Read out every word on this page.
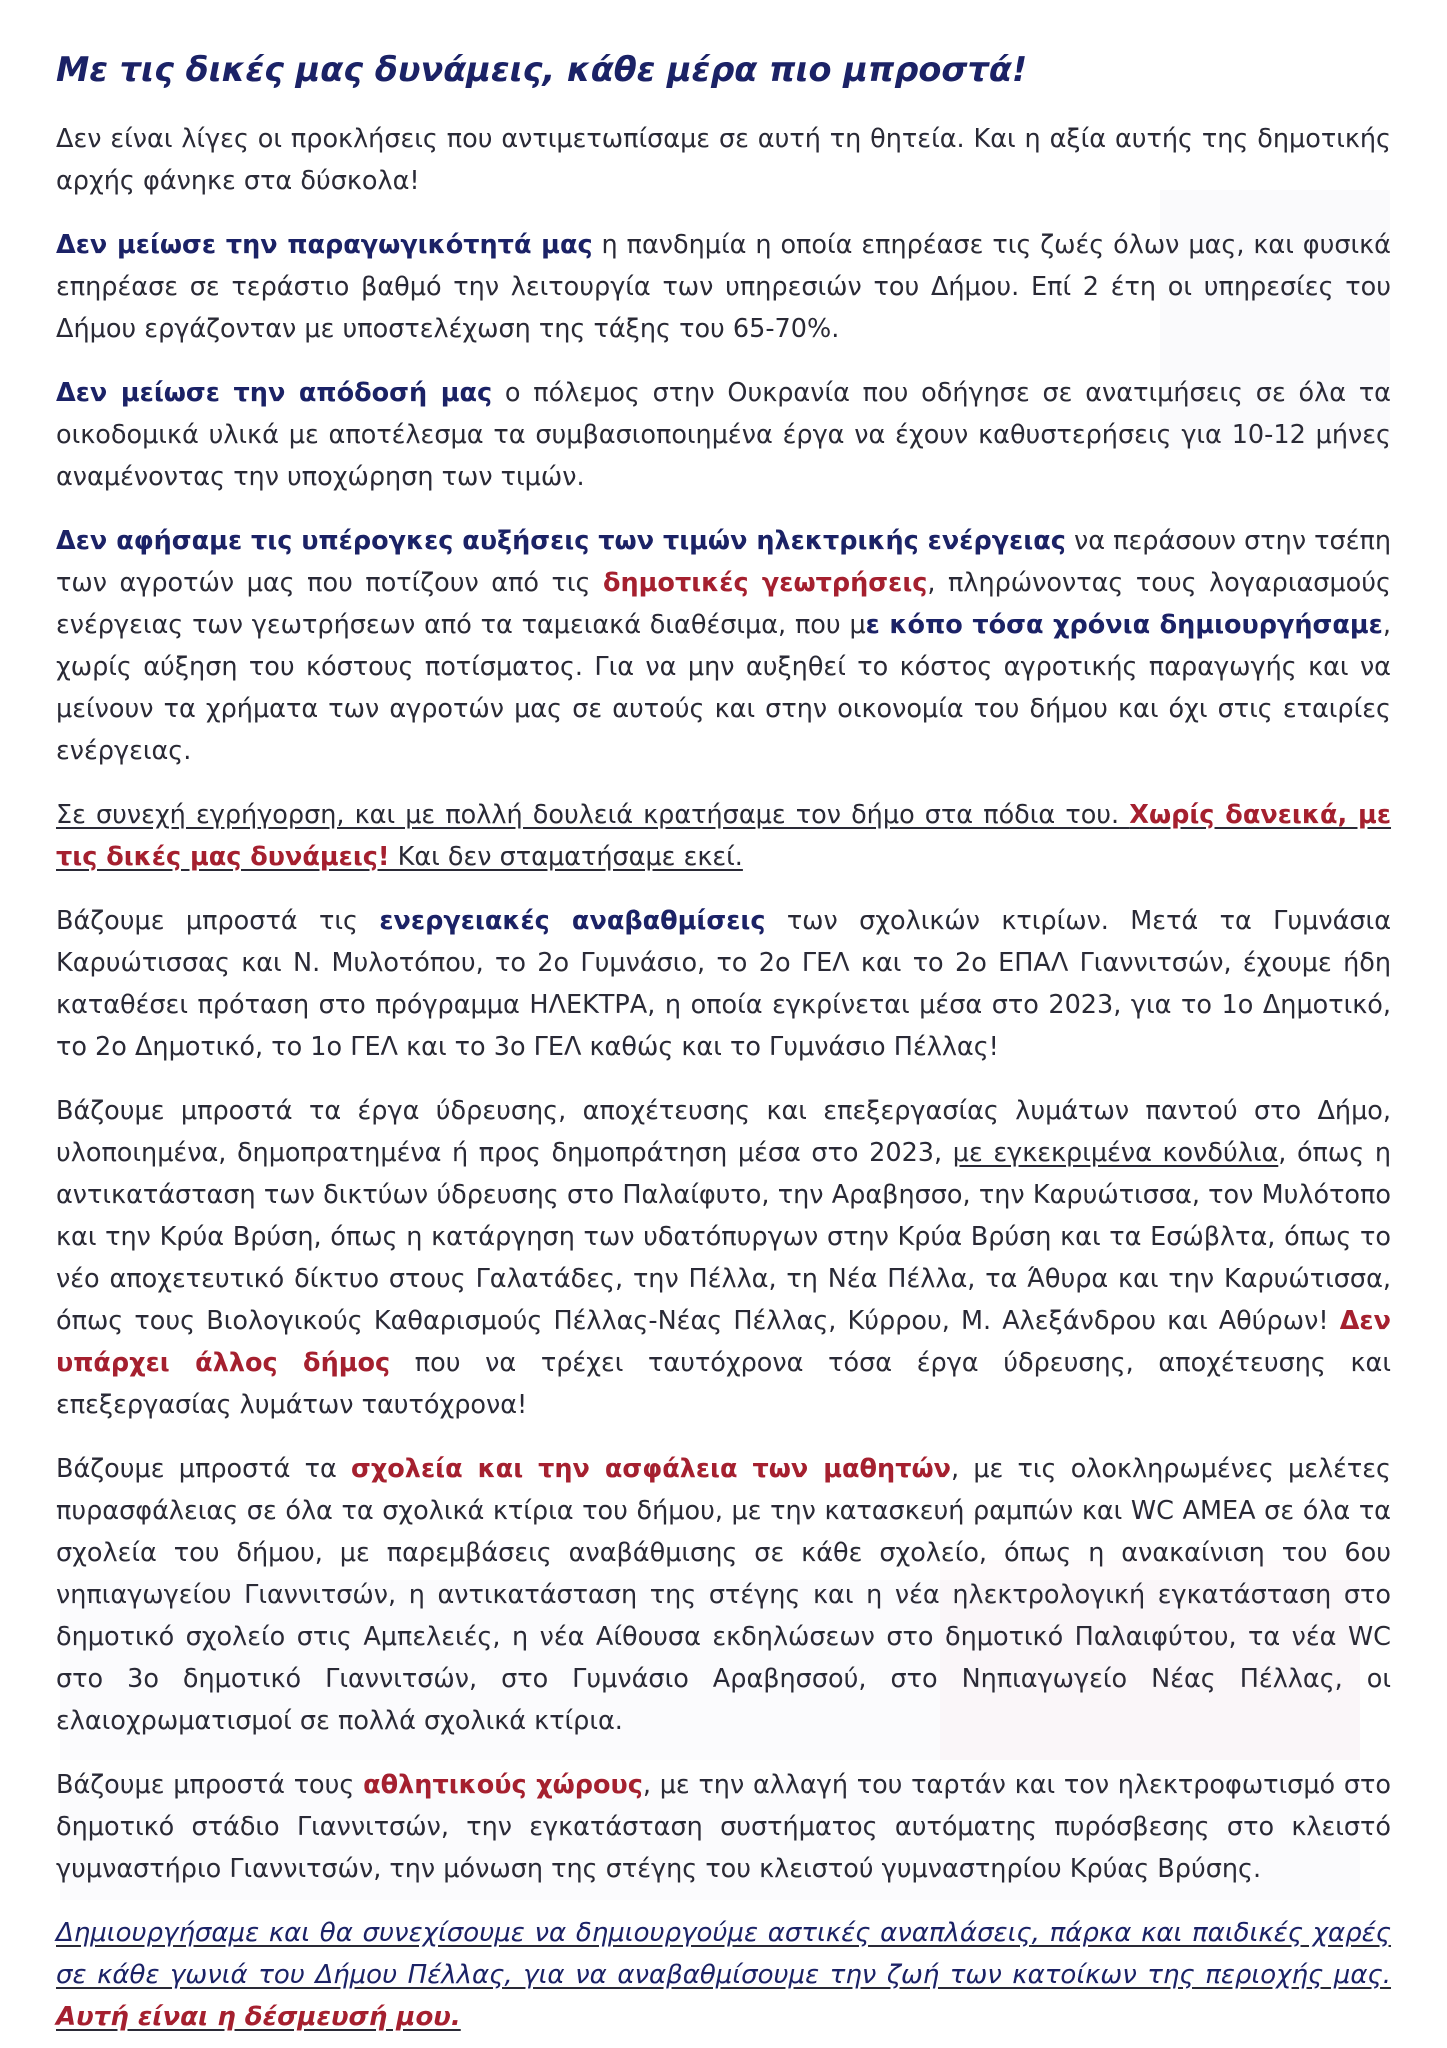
Με τις δικές μας δυνάμεις, κάθε μέρα πιο μπροστά!

Δεν είναι λίγες οι προκλήσεις που αντιμετωπίσαμε σε αυτή τη θητεία. Και η αξία αυτής της δημοτικής αρχής φάνηκε στα δύσκολα!

Δεν μείωσε την παραγωγικότητά μας η πανδημία η οποία επηρέασε τις ζωές όλων μας, και φυσικά επηρέασε σε τεράστιο βαθμό την λειτουργία των υπηρεσιών του Δήμου. Επί 2 έτη οι υπηρεσίες του Δήμου εργάζονταν με υποστελέχωση της τάξης του 65-70%.

Δεν μείωσε την απόδοσή μας ο πόλεμος στην Ουκρανία που οδήγησε σε ανατιμήσεις σε όλα τα οικοδομικά υλικά με αποτέλεσμα τα συμβασιοποιημένα έργα να έχουν καθυστερήσεις για 10-12 μήνες αναμένοντας την υποχώρηση των τιμών.

Δεν αφήσαμε τις υπέρογκες αυξήσεις των τιμών ηλεκτρικής ενέργειας να περάσουν στην τσέπη των αγροτών μας που ποτίζουν από τις δημοτικές γεωτρήσεις, πληρώνοντας τους λογαριασμούς ενέργειας των γεωτρήσεων από τα ταμειακά διαθέσιμα, που με κόπο τόσα χρόνια δημιουργήσαμε, χωρίς αύξηση του κόστους ποτίσματος. Για να μην αυξηθεί το κόστος αγροτικής παραγωγής και να μείνουν τα χρήματα των αγροτών μας σε αυτούς και στην οικονομία του δήμου και όχι στις εταιρίες ενέργειας.

Σε συνεχή εγρήγορση, και με πολλή δουλειά κρατήσαμε τον δήμο στα πόδια του. Χωρίς δανεικά, με τις δικές μας δυνάμεις! Και δεν σταματήσαμε εκεί.

Βάζουμε μπροστά τις ενεργειακές αναβαθμίσεις των σχολικών κτιρίων. Μετά τα Γυμνάσια Καρυώτισσας και Ν. Μυλοτόπου, το 2ο Γυμνάσιο, το 2ο ΓΕΛ και το 2ο ΕΠΑΛ Γιαννιτσών, έχουμε ήδη καταθέσει πρόταση στο πρόγραμμα ΗΛΕΚΤΡΑ, η οποία εγκρίνεται μέσα στο 2023, για το 1ο Δημοτικό, το 2ο Δημοτικό, το 1ο ΓΕΛ και το 3ο ΓΕΛ καθώς και το Γυμνάσιο Πέλλας!

Βάζουμε μπροστά τα έργα ύδρευσης, αποχέτευσης και επεξεργασίας λυμάτων παντού στο Δήμο, υλοποιημένα, δημοπρατημένα ή προς δημοπράτηση μέσα στο 2023, με εγκεκριμένα κονδύλια, όπως η αντικατάσταση των δικτύων ύδρευσης στο Παλαίφυτο, την Αραβησσο, την Καρυώτισσα, τον Μυλότοπο και την Κρύα Βρύση, όπως η κατάργηση των υδατόπυργων στην Κρύα Βρύση και τα Εσώβλτα, όπως το νέο αποχετευτικό δίκτυο στους Γαλατάδες, την Πέλλα, τη Νέα Πέλλα, τα Άθυρα και την Καρυώτισσα, όπως τους Βιολογικούς Καθαρισμούς Πέλλας-Νέας Πέλλας, Κύρρου, Μ. Αλεξάνδρου και Αθύρων! Δεν υπάρχει άλλος δήμος που να τρέχει ταυτόχρονα τόσα έργα ύδρευσης, αποχέτευσης και επεξεργασίας λυμάτων ταυτόχρονα!

Βάζουμε μπροστά τα σχολεία και την ασφάλεια των μαθητών, με τις ολοκληρωμένες μελέτες πυρασφάλειας σε όλα τα σχολικά κτίρια του δήμου, με την κατασκευή ραμπών και WC ΑΜΕΑ σε όλα τα σχολεία του δήμου, με παρεμβάσεις αναβάθμισης σε κάθε σχολείο, όπως η ανακαίνιση του 6ου νηπιαγωγείου Γιαννιτσών, η αντικατάσταση της στέγης και η νέα ηλεκτρολογική εγκατάσταση στο δημοτικό σχολείο στις Αμπελειές, η νέα Αίθουσα εκδηλώσεων στο δημοτικό Παλαιφύτου, τα νέα WC στο 3ο δημοτικό Γιαννιτσών, στο Γυμνάσιο Αραβησσού, στο Νηπιαγωγείο Νέας Πέλλας, οι ελαιοχρωματισμοί σε πολλά σχολικά κτίρια.

Βάζουμε μπροστά τους αθλητικούς χώρους, με την αλλαγή του ταρτάν και τον ηλεκτροφωτισμό στο δημοτικό στάδιο Γιαννιτσών, την εγκατάσταση συστήματος αυτόματης πυρόσβεσης στο κλειστό γυμναστήριο Γιαννιτσών, την μόνωση της στέγης του κλειστού γυμναστηρίου Κρύας Βρύσης.

Δημιουργήσαμε και θα συνεχίσουμε να δημιουργούμε αστικές αναπλάσεις, πάρκα και παιδικές χαρές σε κάθε γωνιά του Δήμου Πέλλας, για να αναβαθμίσουμε την ζωή των κατοίκων της περιοχής μας. Αυτή είναι η δέσμευσή μου.
